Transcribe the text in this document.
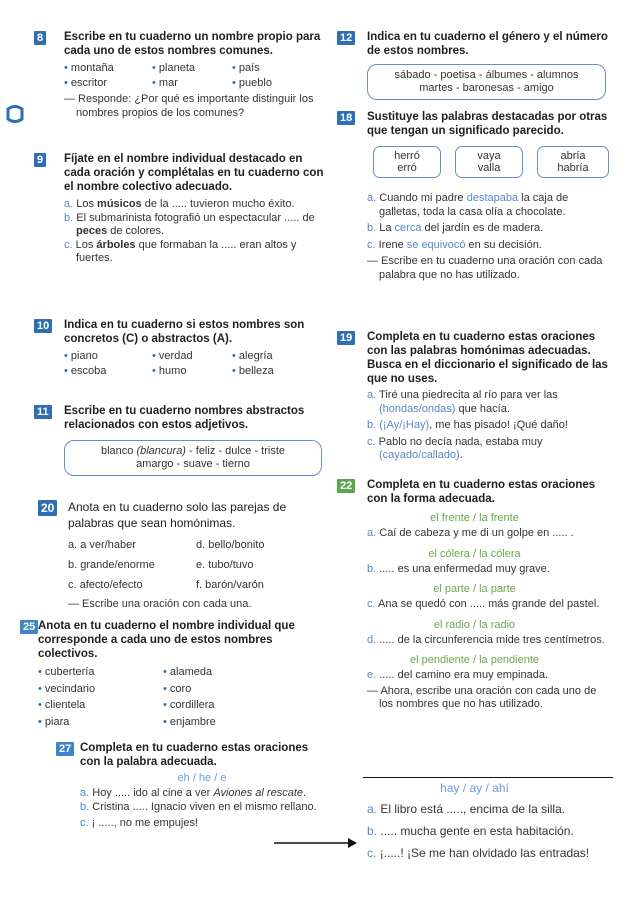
8 Escribe en tu cuaderno un nombre propio para cada uno de estos nombres comunes.
• montaña	• planeta	• país
• escritor	• mar	• pueblo
— Responde: ¿Por qué es importante distinguir los nombres propios de los comunes?
9 Fíjate en el nombre individual destacado en cada oración y complétalas en tu cuaderno con el nombre colectivo adecuado.
a. Los músicos de la ..... tuvieron mucho éxito.
b. El submarinista fotografió un espectacular ..... de peces de colores.
c. Los árboles que formaban la ..... eran altos y fuertes.
10 Indica en tu cuaderno si estos nombres son concretos (C) o abstractos (A).
• piano	• verdad	• alegría
• escoba	• humo	• belleza
11 Escribe en tu cuaderno nombres abstractos relacionados con estos adjetivos.
blanco (blancura) - feliz - dulce - triste
amargo - suave - tierno
20 Anota en tu cuaderno solo las parejas de palabras que sean homónimas.
a. a ver/haber	d. bello/bonito
b. grande/enorme	e. tubo/tuvo
c. afecto/efecto	f. barón/varón
— Escribe una oración con cada una.
25 Anota en tu cuaderno el nombre individual que corresponde a cada uno de estos nombres colectivos.
• cubertería	• alameda
• vecindario	• coro
• clientela	• cordillera
• piara	• enjambre
27 Completa en tu cuaderno estas oraciones con la palabra adecuada.
eh / he / e
a. Hoy ..... ido al cine a ver Aviones al rescate.
b. Cristina ..... Ignacio viven en el mismo rellano.
c. ¡ ....., no me empujes!
12 Indica en tu cuaderno el género y el número de estos nombres.
sábado - poetisa - álbumes - alumnos
martes - baronesas - amigo
18 Sustituye las palabras destacadas por otras que tengan un significado parecido.
herró
erró
vaya
valla
abría
habría
a. Cuando mi padre destapaba la caja de galletas, toda la casa olía a chocolate.
b. La cerca del jardín es de madera.
c. Irene se equivocó en su decisión.
— Escribe en tu cuaderno una oración con cada palabra que no has utilizado.
19 Completa en tu cuaderno estas oraciones con las palabras homónimas adecuadas. Busca en el diccionario el significado de las que no uses.
a. Tiré una piedrecita al río para ver las (hondas/ondas) que hacía.
b. (¡Ay/¡Hay), me has pisado! ¡Qué daño!
c. Pablo no decía nada, estaba muy (cayado/callado).
22 Completa en tu cuaderno estas oraciones con la forma adecuada.
el frente / la frente
a. Caí de cabeza y me di un golpe en ..... .
el cólera / la cólera
b. ..... es una enfermedad muy grave.
el parte / la parte
c. Ana se quedó con ..... más grande del pastel.
el radio / la radio
d. ..... de la circunferencia mide tres centímetros.
el pendiente / la pendiente
e. ..... del camino era muy empinada.
— Ahora, escribe una oración con cada uno de los nombres que no has utilizado.
hay / ay / ahí
a. El libro está ....., encima de la silla.
b. ..... mucha gente en esta habitación.
c. ¡.....! ¡Se me han olvidado las entradas!
